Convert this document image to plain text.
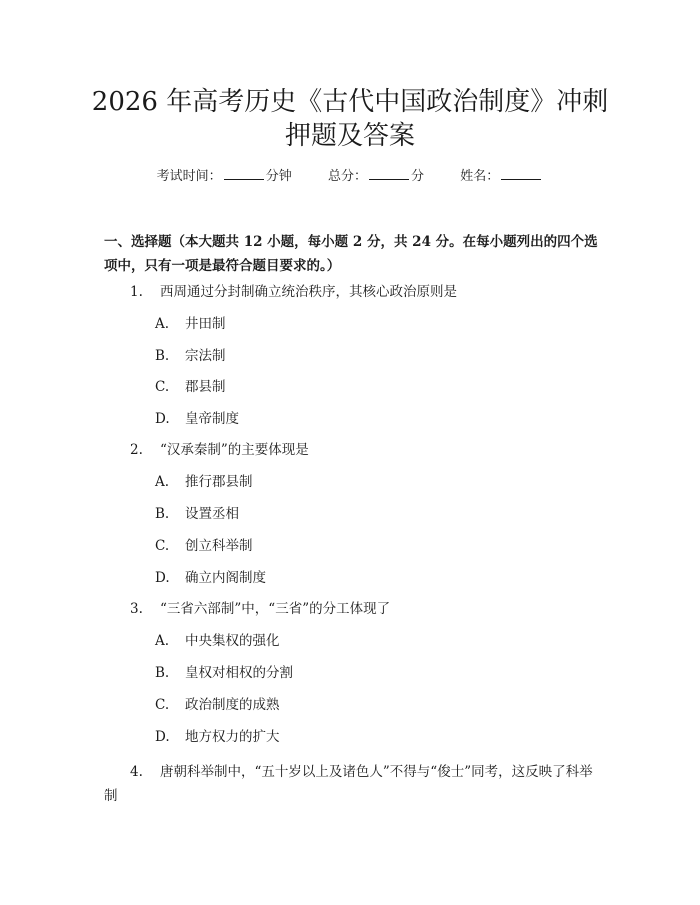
2026 年高考历史《古代中国政治制度》冲刺
押题及答案
考试时间：	分钟	总分：	分	姓名：
一、选择题（本大题共 12 小题，每小题 2 分，共 24 分。在每小题列出的四个选项中，只有一项是最符合题目要求的。）
1. 西周通过分封制确立统治秩序，其核心政治原则是
A. 井田制
B. 宗法制
C. 郡县制
D. 皇帝制度
2. “汉承秦制”的主要体现是
A. 推行郡县制
B. 设置丞相
C. 创立科举制
D. 确立内阁制度
3. “三省六部制”中，“三省”的分工体现了
A. 中央集权的强化
B. 皇权对相权的分割
C. 政治制度的成熟
D. 地方权力的扩大
4. 唐朝科举制中，“五十岁以上及诸色人”不得与“俊士”同考，这反映了科举制
